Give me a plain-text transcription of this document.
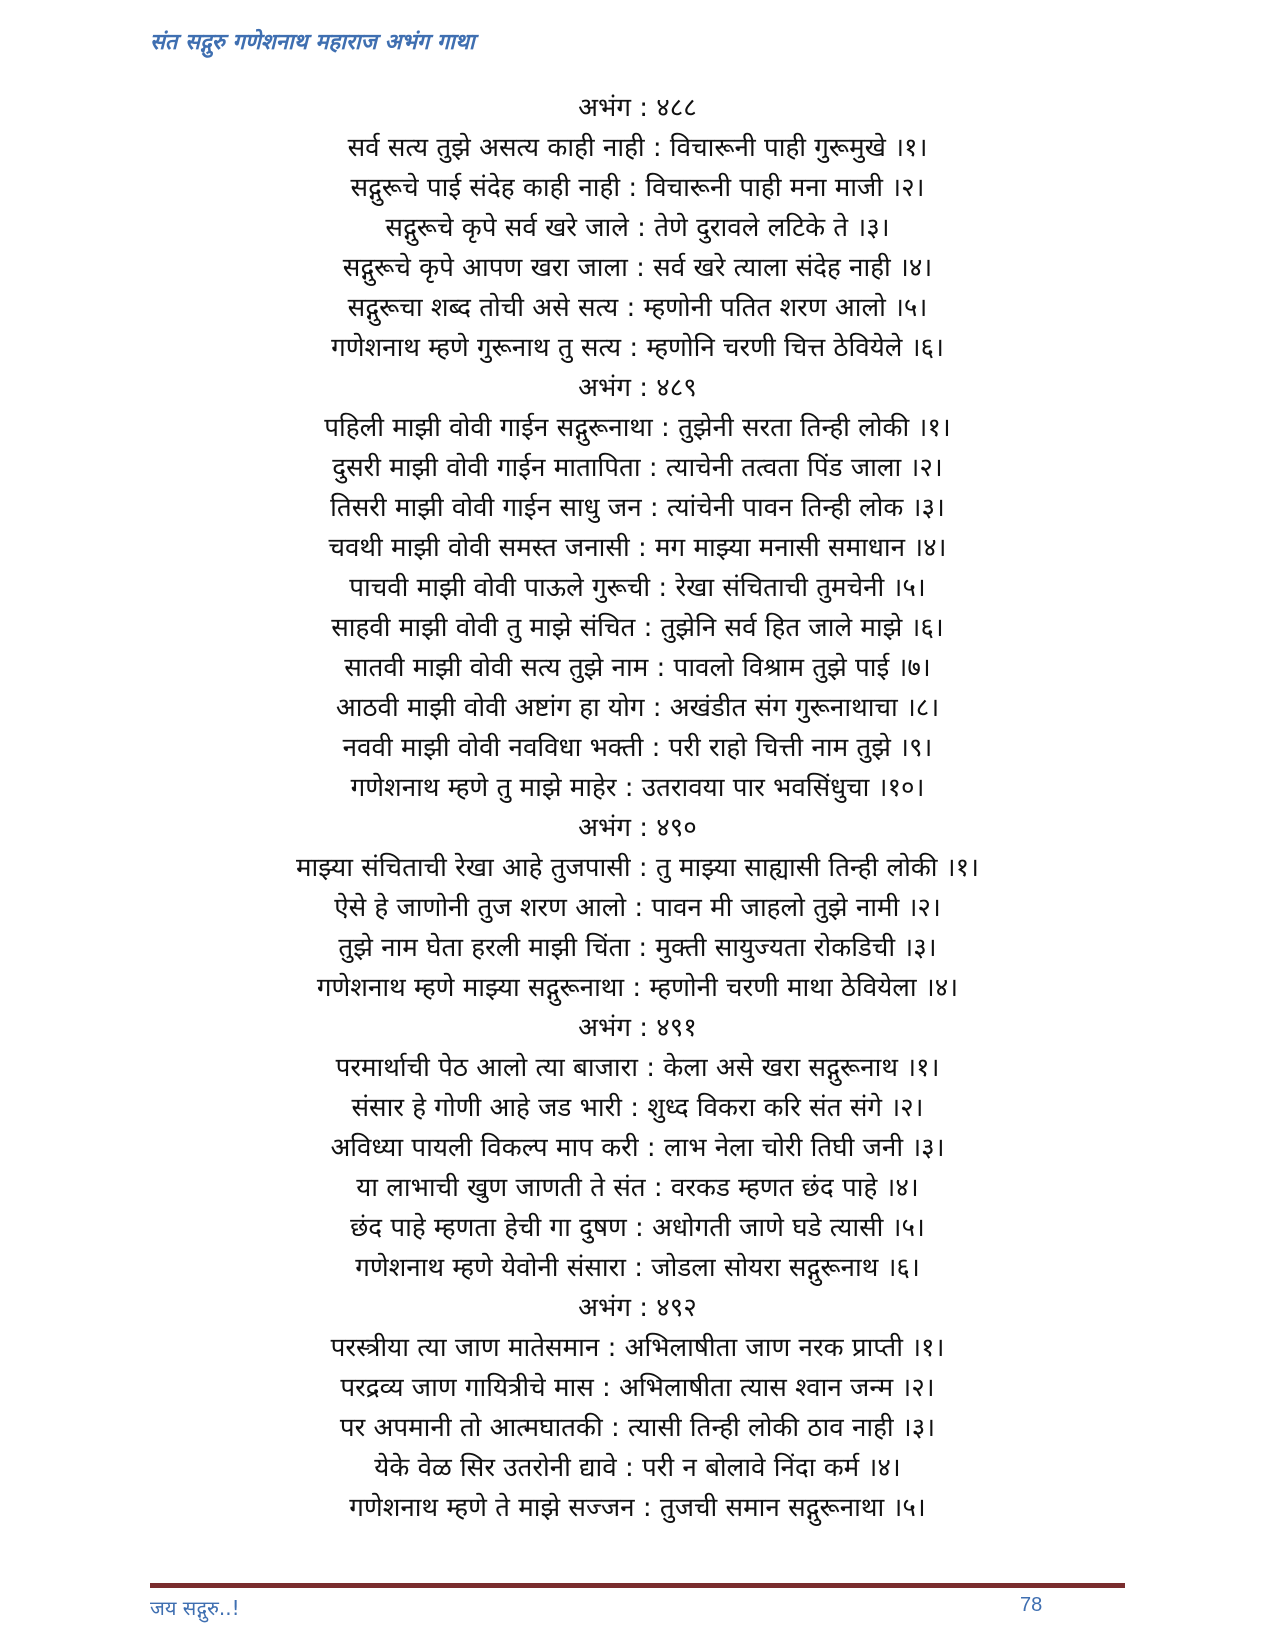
संत सद्गुरु गणेशनाथ महाराज अभंग गाथा
अभंग : ४८८
सर्व सत्य तुझे असत्य काही नाही : विचारूनी पाही गुरूमुखे ।१।
सद्गुरूचे पाई संदेह काही नाही : विचारूनी पाही मना माजी ।२।
सद्गुरूचे कृपे सर्व खरे जाले : तेणे दुरावले लटिके ते ।३।
सद्गुरूचे कृपे आपण खरा जाला : सर्व खरे त्याला संदेह नाही ।४।
सद्गुरूचा शब्द तोची असे सत्य : म्हणोनी पतित शरण आलो ।५।
गणेशनाथ म्हणे गुरूनाथ तु सत्य : म्हणोनि चरणी चित्त ठेवियेले ।६।
अभंग : ४८९
पहिली माझी वोवी गाईन सद्गुरूनाथा : तुझेनी सरता तिन्ही लोकी ।१।
दुसरी माझी वोवी गाईन मातापिता : त्याचेनी तत्वता पिंड जाला ।२।
तिसरी माझी वोवी गाईन साधु जन : त्यांचेनी पावन तिन्ही लोक ।३।
चवथी माझी वोवी समस्त जनासी : मग माझ्या मनासी समाधान ।४।
पाचवी माझी वोवी पाऊले गुरूची : रेखा संचिताची तुमचेनी ।५।
साहवी माझी वोवी तु माझे संचित : तुझेनि सर्व हित जाले माझे ।६।
सातवी माझी वोवी सत्य तुझे नाम : पावलो विश्राम तुझे पाई ।७।
आठवी माझी वोवी अष्टांग हा योग : अखंडीत संग गुरूनाथाचा ।८।
नववी माझी वोवी नवविधा भक्ती : परी राहो चित्ती नाम तुझे ।९।
गणेशनाथ म्हणे तु माझे माहेर : उतरावया पार भवसिंधुचा ।१०।
अभंग : ४९०
माझ्या संचिताची रेखा आहे तुजपासी : तु माझ्या साह्यासी तिन्ही लोकी ।१।
ऐसे हे जाणोनी तुज शरण आलो : पावन मी जाहलो तुझे नामी ।२।
तुझे नाम घेता हरली माझी चिंता : मुक्ती सायुज्यता रोकडिची ।३।
गणेशनाथ म्हणे माझ्या सद्गुरूनाथा : म्हणोनी चरणी माथा ठेवियेला ।४।
अभंग : ४९१
परमार्थाची पेठ आलो त्या बाजारा : केला असे खरा सद्गुरूनाथ ।१।
संसार हे गोणी आहे जड भारी : शुध्द विकरा करि संत संगे ।२।
अविध्या पायली विकल्प माप करी : लाभ नेला चोरी तिघी जनी ।३।
या लाभाची खुण जाणती ते संत : वरकड म्हणत छंद पाहे ।४।
छंद पाहे म्हणता हेची गा दुषण : अधोगती जाणे घडे त्यासी ।५।
गणेशनाथ म्हणे येवोनी संसारा : जोडला सोयरा सद्गुरूनाथ ।६।
अभंग : ४९२
परस्त्रीया त्या जाण मातेसमान : अभिलाषीता जाण नरक प्राप्ती ।१।
परद्रव्य जाण गायित्रीचे मास : अभिलाषीता त्यास श्वान जन्म ।२।
पर अपमानी तो आत्मघातकी : त्यासी तिन्ही लोकी ठाव नाही ।३।
येके वेळ सिर उतरोनी द्यावे : परी न बोलावे निंदा कर्म ।४।
गणेशनाथ म्हणे ते माझे सज्जन : तुजची समान सद्गुरूनाथा ।५।
जय सद्गुरु..!	78
